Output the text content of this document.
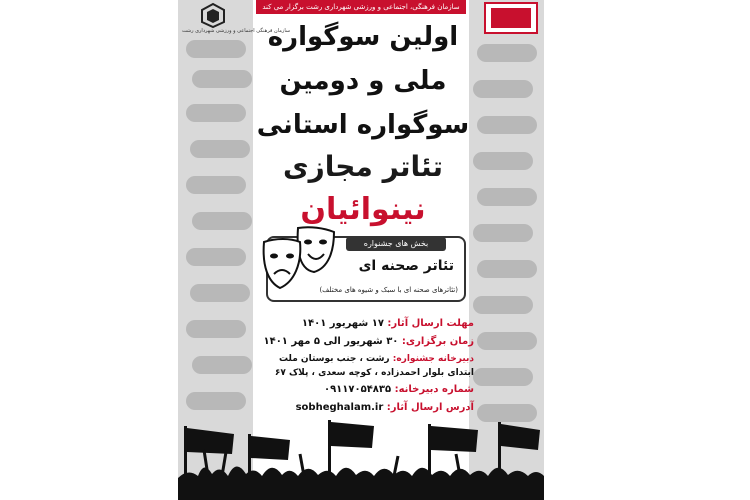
سازمان فرهنگی، اجتماعی و ورزشی شهرداری رشت برگزار می کند
سازمان فرهنگی اجتماعی و ورزشی شهرداری رشت
اولین سوگواره
ملی و دومین
سوگواره استانی
تئاتر مجازی
نینوائیان
بخش های جشنواره
تئاتر صحنه ای
(تئاترهای صحنه ای با سبک و شیوه های مختلف)
مهلت ارسال آثار: ۱۷ شهریور ۱۴۰۱
زمان برگزاری: ۳۰ شهریور الی ۵ مهر ۱۴۰۱
دبیرخانه جشنواره: رشت ، جنب بوستان ملت
ابتدای بلوار احمدزاده ، کوچه سعدی ، پلاک ۶۷
شماره دبیرخانه: ۰۹۱۱۷۰۵۴۸۳۵
آدرس ارسال آثار: sobheghalam.ir
